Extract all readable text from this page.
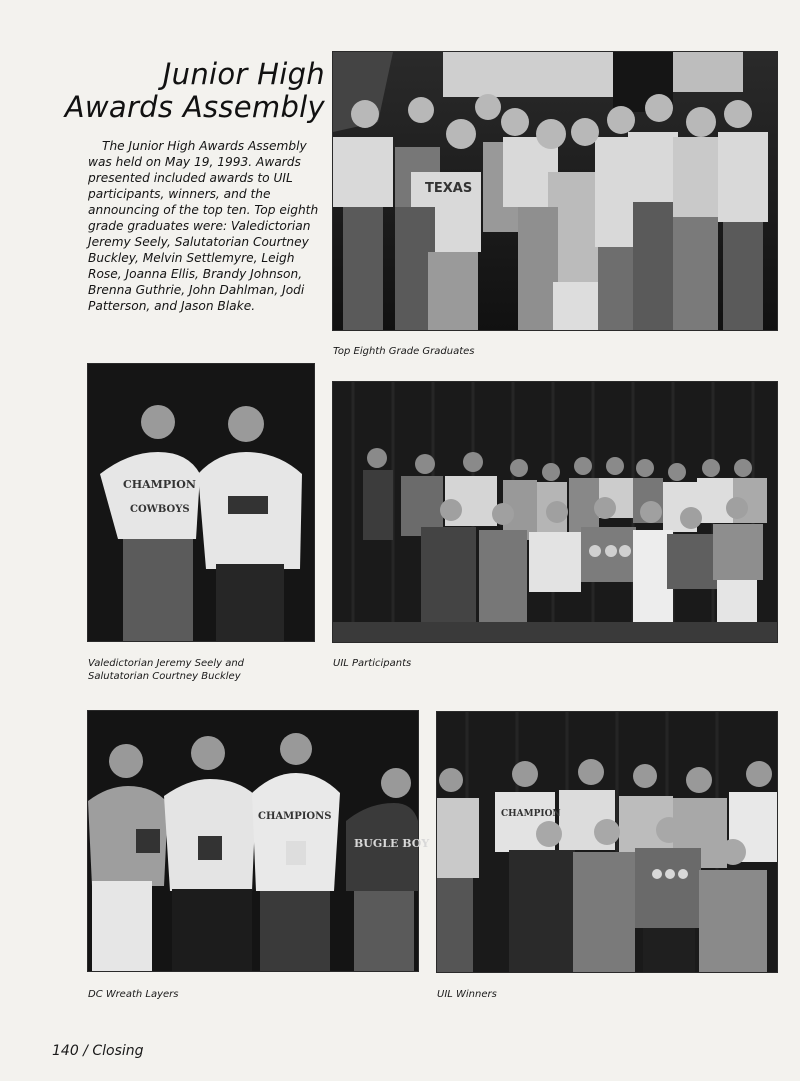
Junior High
Awards Assembly
The Junior High Awards Assembly was held on May 19, 1993. Awards presented included awards to UIL participants, winners, and the announcing of the top ten. Top eighth grade graduates were: Valedictorian Jeremy Seely, Salutatorian Courtney Buckley, Melvin Settlemyre, Leigh Rose, Joanna Ellis, Brandy Johnson, Brenna Guthrie, John Dahlman, Jodi Patterson, and Jason Blake.
TEXAS
Top Eighth Grade Graduates
CHAMPION
COWBOYS
Valedictorian Jeremy Seely and
Salutatorian Courtney Buckley
UIL Participants
CHAMPIONS
BUGLE BOY
DC Wreath Layers
CHAMPION
UIL Winners
140 / Closing
